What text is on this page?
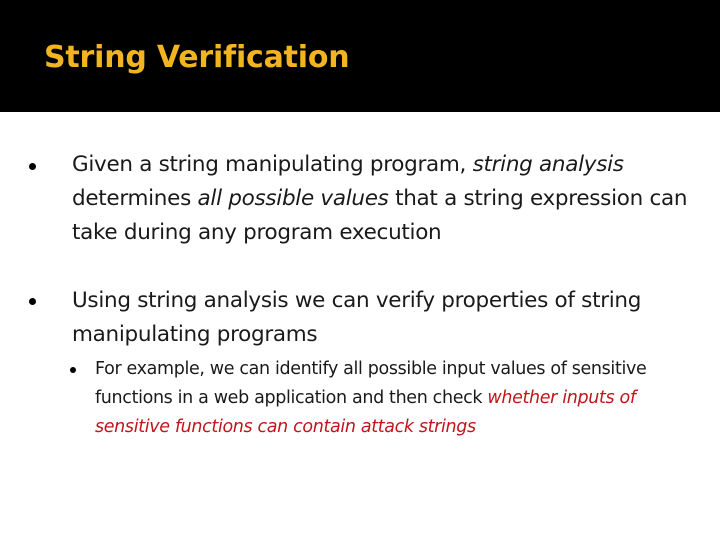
String Verification
Given a string manipulating program, string analysis determines all possible values that a string expression can take during any program execution
Using string analysis we can verify properties of string manipulating programs
For example, we can identify all possible input values of sensitive functions in a web application and then check whether inputs of sensitive functions can contain attack strings
